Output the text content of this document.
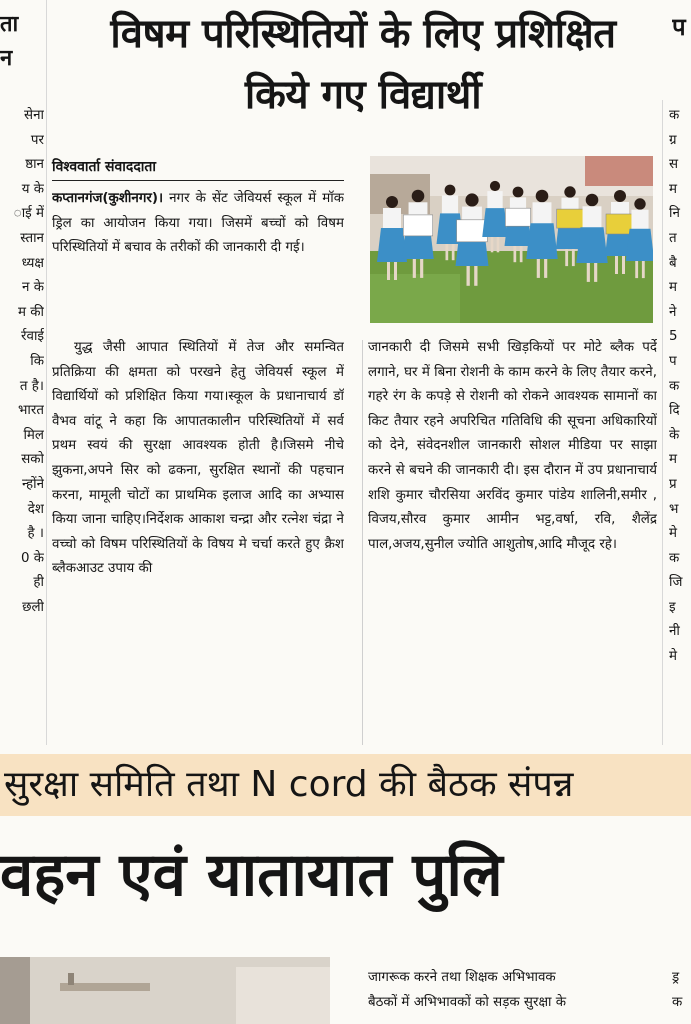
ता
न
सेना
पर
ष्ठान
य के
ाई में
स्तान
ध्यक्ष
न के
म की
र्रवाई
कि
त है।
भारत
मिल
सको
न्होंने
देश
है ।
0 के
ही
छली
प
क
ग्र
स
म
नि
त
बै
म
ने
5
प
क
दि
के
म
प्र
भ
मे
क
जि
इ
नी
मे
विषम परिस्थितियों के लिए प्रशिक्षित किये गए विद्यार्थी

विश्ववार्ता संवाददाता

कप्तानगंज(कुशीनगर)। नगर के सेंट जेवियर्स स्कूल में मॉक ड्रिल का आयोजन किया गया। जिसमें बच्चों को विषम परिस्थितियों में बचाव के तरीकों की जानकारी दी गई।

युद्ध जैसी आपात स्थितियों में तेज और समन्वित प्रतिक्रिया की क्षमता को परखने हेतु जेवियर्स स्कूल में विद्यार्थियों को प्रशिक्षित किया गया।स्कूल के प्रधानाचार्य डॉ वैभव वांटू ने कहा कि आपातकालीन परिस्थितियों में सर्व प्रथम स्वयं की सुरक्षा आवश्यक होती है।जिसमे नीचे झुकना,अपने सिर को ढकना, सुरक्षित स्थानों की पहचान करना, मामूली चोटों का प्राथमिक इलाज आदि का अभ्यास किया जाना चाहिए।निर्देशक आकाश चन्द्रा और रत्नेश चंद्रा ने वच्चो को विषम परिस्थितियों के विषय मे चर्चा करते हुए क्रैश ब्लैकआउट उपाय की

जानकारी दी जिसमे सभी खिड़कियों पर मोटे ब्लैक पर्दे लगाने, घर में बिना रोशनी के काम करने के लिए तैयार करने, गहरे रंग के कपड़े से रोशनी को रोकने आवश्यक सामानों का किट तैयार रहने अपरिचित गतिविधि की सूचना अधिकारियों को देने, संवेदनशील जानकारी सोशल मीडिया पर साझा करने से बचने की जानकारी दी। इस दौरान में उप प्रधानाचार्य शशि कुमार चौरसिया अरविंद कुमार पांडेय शालिनी,समीर , विजय,सौरव कुमार आमीन भट्ट,वर्षा, रवि, शैलेंद्र पाल,अजय,सुनील ज्योति आशुतोष,आदि मौजूद रहे।

सुरक्षा समिति तथा N cord की बैठक संपन्न

वहन एवं यातायात पुलि

जागरूक करने तथा शिक्षक अभिभावक
बैठकों में अभिभावकों को सड़क सुरक्षा के
ड्र
क
